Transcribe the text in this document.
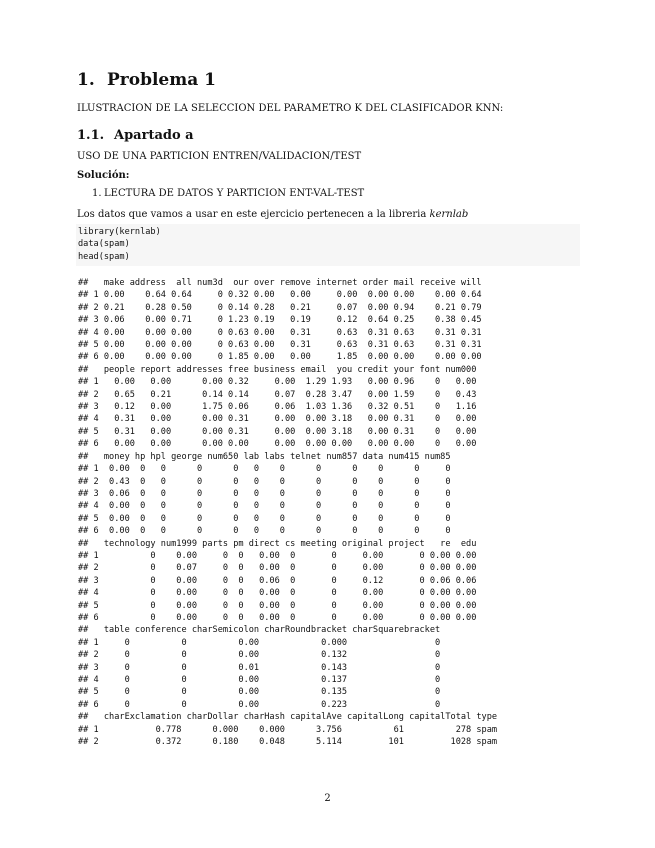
1. Problema 1
ILUSTRACION DE LA SELECCION DEL PARAMETRO K DEL CLASIFICADOR KNN:
1.1. Apartado a
USO DE UNA PARTICION ENTREN/VALIDACION/TEST
Solución:
1. LECTURA DE DATOS Y PARTICION ENT-VAL-TEST
Los datos que vamos a usar en este ejercicio pertenecen a la libreria kernlab
library(kernlab)
data(spam)
head(spam)
##   make address  all num3d  our over remove internet order mail receive will
## 1 0.00    0.64 0.64     0 0.32 0.00   0.00     0.00  0.00 0.00    0.00 0.64
## 2 0.21    0.28 0.50     0 0.14 0.28   0.21     0.07  0.00 0.94    0.21 0.79
## 3 0.06    0.00 0.71     0 1.23 0.19   0.19     0.12  0.64 0.25    0.38 0.45
## 4 0.00    0.00 0.00     0 0.63 0.00   0.31     0.63  0.31 0.63    0.31 0.31
## 5 0.00    0.00 0.00     0 0.63 0.00   0.31     0.63  0.31 0.63    0.31 0.31
## 6 0.00    0.00 0.00     0 1.85 0.00   0.00     1.85  0.00 0.00    0.00 0.00
##   people report addresses free business email  you credit your font num000
## 1   0.00   0.00      0.00 0.32     0.00  1.29 1.93   0.00 0.96    0   0.00
## 2   0.65   0.21      0.14 0.14     0.07  0.28 3.47   0.00 1.59    0   0.43
## 3   0.12   0.00      1.75 0.06     0.06  1.03 1.36   0.32 0.51    0   1.16
## 4   0.31   0.00      0.00 0.31     0.00  0.00 3.18   0.00 0.31    0   0.00
## 5   0.31   0.00      0.00 0.31     0.00  0.00 3.18   0.00 0.31    0   0.00
## 6   0.00   0.00      0.00 0.00     0.00  0.00 0.00   0.00 0.00    0   0.00
##   money hp hpl george num650 lab labs telnet num857 data num415 num85
## 1  0.00  0   0      0      0   0    0      0      0    0      0     0
## 2  0.43  0   0      0      0   0    0      0      0    0      0     0
## 3  0.06  0   0      0      0   0    0      0      0    0      0     0
## 4  0.00  0   0      0      0   0    0      0      0    0      0     0
## 5  0.00  0   0      0      0   0    0      0      0    0      0     0
## 6  0.00  0   0      0      0   0    0      0      0    0      0     0
##   technology num1999 parts pm direct cs meeting original project   re  edu
## 1          0    0.00     0  0   0.00  0       0     0.00       0 0.00 0.00
## 2          0    0.07     0  0   0.00  0       0     0.00       0 0.00 0.00
## 3          0    0.00     0  0   0.06  0       0     0.12       0 0.06 0.06
## 4          0    0.00     0  0   0.00  0       0     0.00       0 0.00 0.00
## 5          0    0.00     0  0   0.00  0       0     0.00       0 0.00 0.00
## 6          0    0.00     0  0   0.00  0       0     0.00       0 0.00 0.00
##   table conference charSemicolon charRoundbracket charSquarebracket
## 1     0          0          0.00            0.000                 0
## 2     0          0          0.00            0.132                 0
## 3     0          0          0.01            0.143                 0
## 4     0          0          0.00            0.137                 0
## 5     0          0          0.00            0.135                 0
## 6     0          0          0.00            0.223                 0
##   charExclamation charDollar charHash capitalAve capitalLong capitalTotal type
## 1           0.778      0.000    0.000      3.756          61          278 spam
## 2           0.372      0.180    0.048      5.114         101         1028 spam
2
